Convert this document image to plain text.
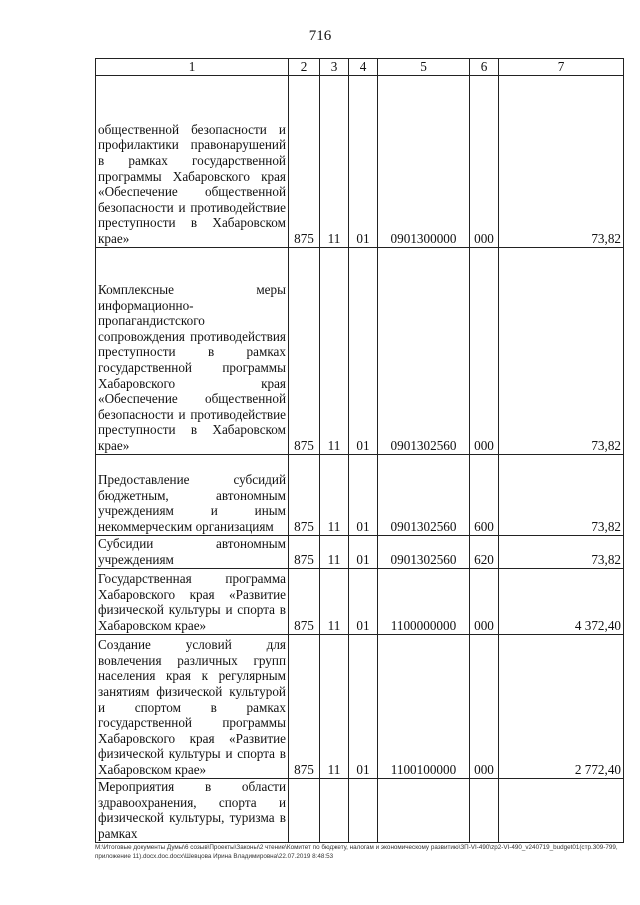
716
1	2	3	4	5	6	7
общественной безопасности и профилактики правонарушений в рамках государственной программы Хабаровского края «Обеспечение общественной безопасности и противодействие преступности в Хабаровском крае»	875	11	01	0901300000	000	73,82
Комплексные меры информационно-пропагандистского сопровождения противодействия преступности в рамках государственной программы Хабаровского края «Обеспечение общественной безопасности и противодействие преступности в Хабаровском крае»	875	11	01	0901302560	000	73,82
Предоставление субсидий бюджетным, автономным учреждениям и иным некоммерческим организациям	875	11	01	0901302560	600	73,82
Субсидии автономным учреждениям	875	11	01	0901302560	620	73,82
Государственная программа Хабаровского края «Развитие физической культуры и спорта в Хабаровском крае»	875	11	01	1100000000	000	4 372,40
Создание условий для вовлечения различных групп населения края к регулярным занятиям физической культурой и спортом в рамках государственной программы Хабаровского края «Развитие физической культуры и спорта в Хабаровском крае»	875	11	01	1100100000	000	2 772,40
Мероприятия в области здравоохранения, спорта и физической культуры, туризма в рамках						
М:\Итоговые документы Думы\6 созыв\Проекты\Законы\2 чтение\Комитет по бюджету, налогам и экономическому развитию\ЗП-VI-490\zp2-VI-490_v240719_budget01(стр.309-799, приложение 11).docx.doc.docx\Шевцова Ирина Владимировна\22.07.2019 8:48:53
